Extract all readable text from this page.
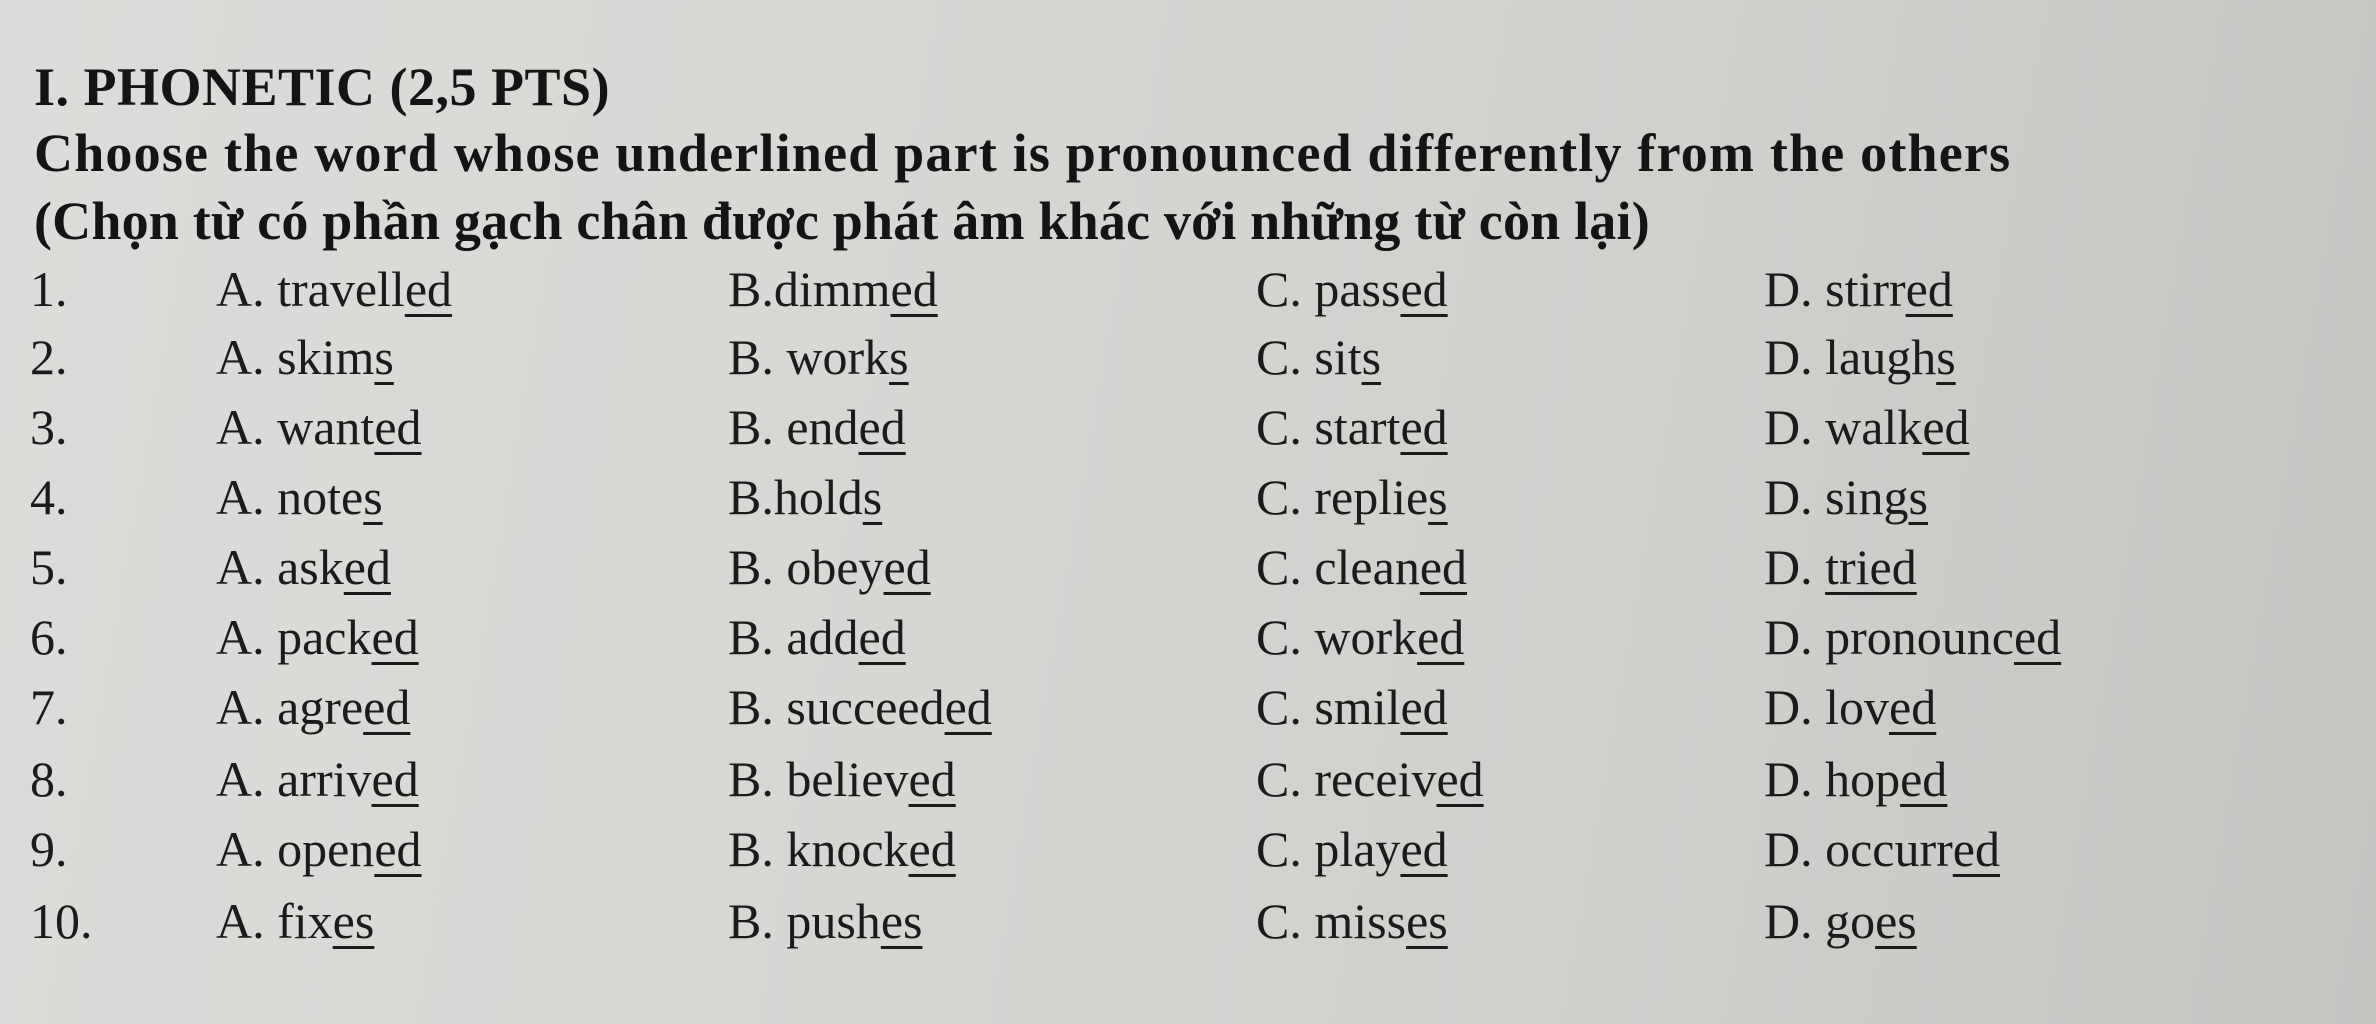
I. PHONETIC (2,5 PTS)
Choose the word whose underlined part is pronounced differently from the others
(Chọn từ có phần gạch chân được phát âm khác với những từ còn lại)
1.	A. travelled	B.dimmed	C. passed	D. stirred
2.	A. skims	B. works	C. sits	D. laughs
3.	A. wanted	B. ended	C. started	D. walked
4.	A. notes	B.holds	C. replies	D. sings
5.	A. asked	B. obeyed	C. cleaned	D. tried
6.	A. packed	B. added	C. worked	D. pronounced
7.	A. agreed	B. succeeded	C. smiled	D. loved
8.	A. arrived	B. believed	C. received	D. hoped
9.	A. opened	B. knocked	C. played	D. occurred
10. A. fixes	B. pushes	C. misses	D. goes
